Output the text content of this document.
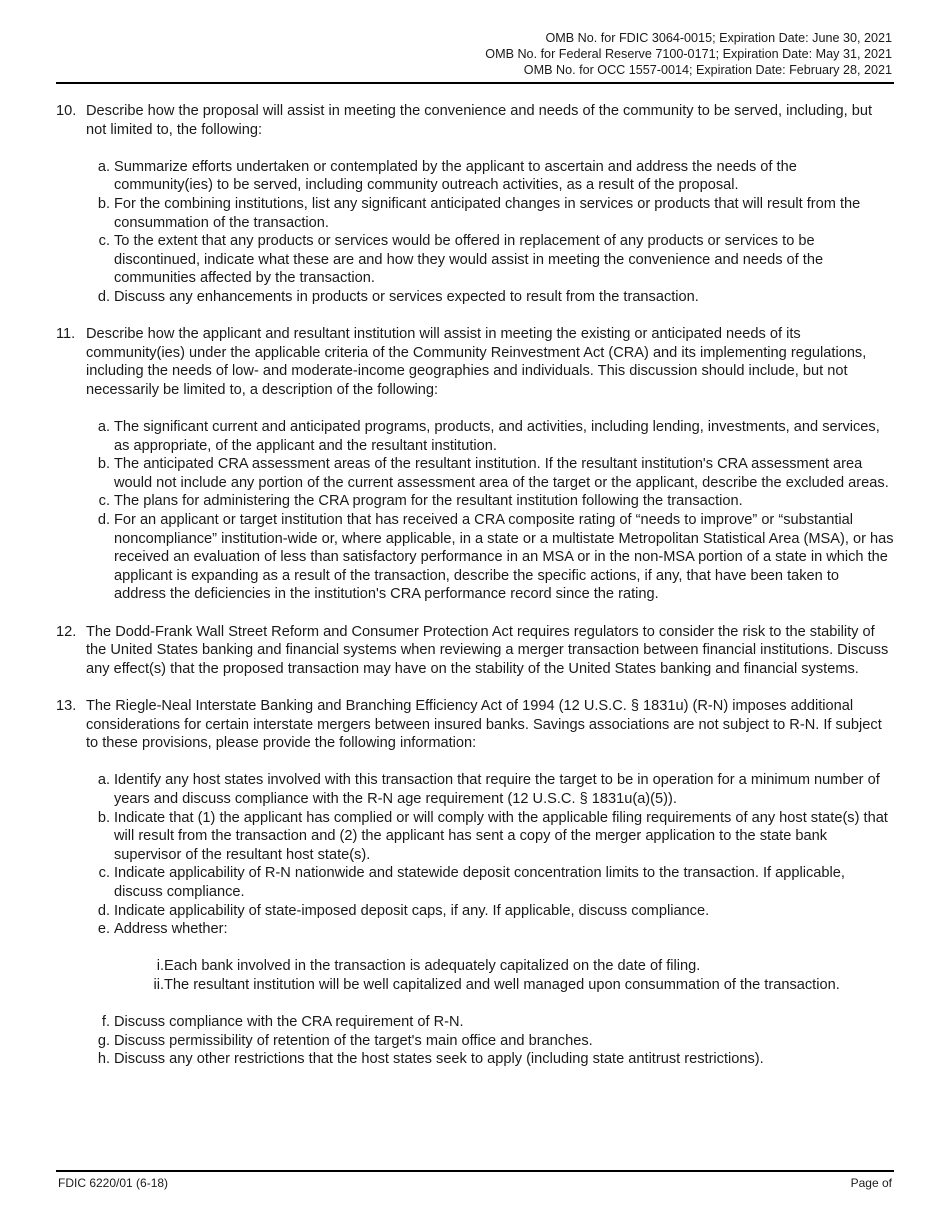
OMB No. for FDIC 3064-0015; Expiration Date: June 30, 2021
OMB No. for Federal Reserve 7100-0171; Expiration Date: May 31, 2021
OMB No. for OCC 1557-0014; Expiration Date: February 28, 2021
10. Describe how the proposal will assist in meeting the convenience and needs of the community to be served, including, but not limited to, the following:
a. Summarize efforts undertaken or contemplated by the applicant to ascertain and address the needs of the community(ies) to be served, including community outreach activities, as a result of the proposal.
b. For the combining institutions, list any significant anticipated changes in services or products that will result from the consummation of the transaction.
c. To the extent that any products or services would be offered in replacement of any products or services to be discontinued, indicate what these are and how they would assist in meeting the convenience and needs of the communities affected by the transaction.
d. Discuss any enhancements in products or services expected to result from the transaction.
11. Describe how the applicant and resultant institution will assist in meeting the existing or anticipated needs of its community(ies) under the applicable criteria of the Community Reinvestment Act (CRA) and its implementing regulations, including the needs of low- and moderate-income geographies and individuals. This discussion should include, but not necessarily be limited to, a description of the following:
a. The significant current and anticipated programs, products, and activities, including lending, investments, and services, as appropriate, of the applicant and the resultant institution.
b. The anticipated CRA assessment areas of the resultant institution. If the resultant institution's CRA assessment area would not include any portion of the current assessment area of the target or the applicant, describe the excluded areas.
c. The plans for administering the CRA program for the resultant institution following the transaction.
d. For an applicant or target institution that has received a CRA composite rating of “needs to improve” or “substantial noncompliance” institution-wide or, where applicable, in a state or a multistate Metropolitan Statistical Area (MSA), or has received an evaluation of less than satisfactory performance in an MSA or in the non-MSA portion of a state in which the applicant is expanding as a result of the transaction, describe the specific actions, if any, that have been taken to address the deficiencies in the institution's CRA performance record since the rating.
12. The Dodd-Frank Wall Street Reform and Consumer Protection Act requires regulators to consider the risk to the stability of the United States banking and financial systems when reviewing a merger transaction between financial institutions. Discuss any effect(s) that the proposed transaction may have on the stability of the United States banking and financial systems.
13. The Riegle-Neal Interstate Banking and Branching Efficiency Act of 1994 (12 U.S.C. § 1831u) (R-N) imposes additional considerations for certain interstate mergers between insured banks. Savings associations are not subject to R-N. If subject to these provisions, please provide the following information:
a. Identify any host states involved with this transaction that require the target to be in operation for a minimum number of years and discuss compliance with the R-N age requirement (12 U.S.C. § 1831u(a)(5)).
b. Indicate that (1) the applicant has complied or will comply with the applicable filing requirements of any host state(s) that will result from the transaction and (2) the applicant has sent a copy of the merger application to the state bank supervisor of the resultant host state(s).
c. Indicate applicability of R-N nationwide and statewide deposit concentration limits to the transaction. If applicable, discuss compliance.
d. Indicate applicability of state-imposed deposit caps, if any. If applicable, discuss compliance.
e. Address whether:
i. Each bank involved in the transaction is adequately capitalized on the date of filing.
ii. The resultant institution will be well capitalized and well managed upon consummation of the transaction.
f. Discuss compliance with the CRA requirement of R-N.
g. Discuss permissibility of retention of the target's main office and branches.
h. Discuss any other restrictions that the host states seek to apply (including state antitrust restrictions).
FDIC 6220/01 (6-18)	Page of
